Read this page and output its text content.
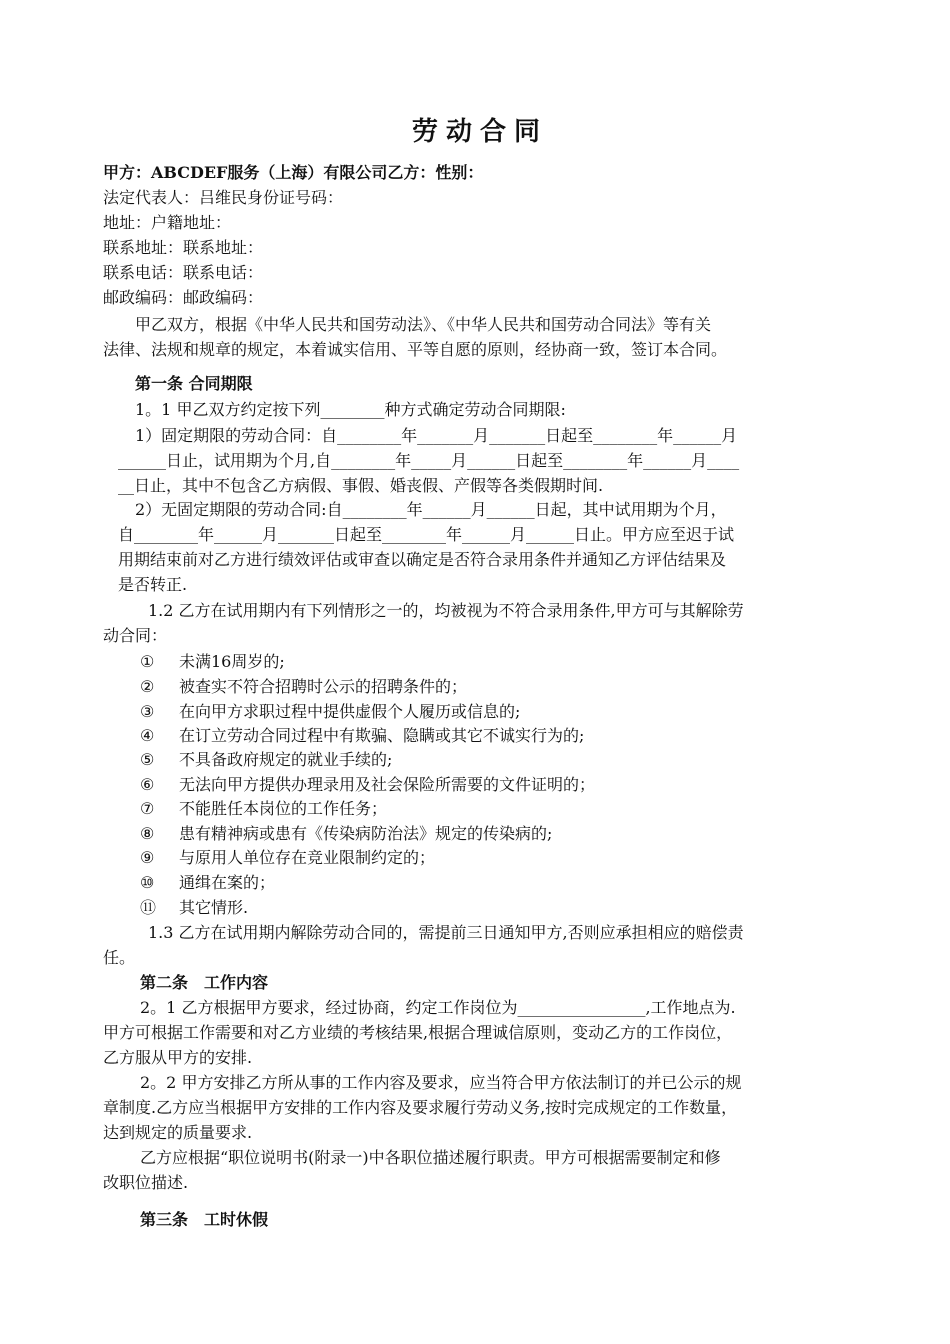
劳动合同
甲方：ABCDEF服务（上海）有限公司乙方：性别：
法定代表人：吕维民身份证号码：
地址：户籍地址：
联系地址：联系地址：
联系电话：联系电话：
邮政编码：邮政编码：
甲乙双方，根据《中华人民共和国劳动法》、《中华人民共和国劳动合同法》等有关
法律、法规和规章的规定，本着诚实信用、平等自愿的原则，经协商一致，签订本合同。
第一条 合同期限
1。1 甲乙双方约定按下列________种方式确定劳动合同期限:
1）固定期限的劳动合同：自________年_______月_______日起至________年______月
______日止，试用期为个月,自________年_____月______日起至________年______月____
__日止，其中不包含乙方病假、事假、婚丧假、产假等各类假期时间.
2）无固定期限的劳动合同:自________年______月______日起，其中试用期为个月，
自________年______月_______日起至________年______月______日止。甲方应至迟于试
用期结束前对乙方进行绩效评估或审查以确定是否符合录用条件并通知乙方评估结果及
是否转正.
1.2 乙方在试用期内有下列情形之一的，均被视为不符合录用条件,甲方可与其解除劳
动合同：
① 未满16周岁的;
② 被查实不符合招聘时公示的招聘条件的；
③ 在向甲方求职过程中提供虚假个人履历或信息的;
④ 在订立劳动合同过程中有欺骗、隐瞒或其它不诚实行为的;
⑤ 不具备政府规定的就业手续的;
⑥ 无法向甲方提供办理录用及社会保险所需要的文件证明的；
⑦ 不能胜任本岗位的工作任务；
⑧ 患有精神病或患有《传染病防治法》规定的传染病的;
⑨ 与原用人单位存在竞业限制约定的；
⑩ 通缉在案的；
⑪ 其它情形.
1.3 乙方在试用期内解除劳动合同的，需提前三日通知甲方,否则应承担相应的赔偿责
任。
第二条　工作内容
2。1 乙方根据甲方要求，经过协商，约定工作岗位为________________,工作地点为.
甲方可根据工作需要和对乙方业绩的考核结果,根据合理诚信原则，变动乙方的工作岗位，
乙方服从甲方的安排.
2。2 甲方安排乙方所从事的工作内容及要求，应当符合甲方依法制订的并已公示的规
章制度.乙方应当根据甲方安排的工作内容及要求履行劳动义务,按时完成规定的工作数量，
达到规定的质量要求.
乙方应根据“职位说明书(附录一)中各职位描述履行职责。甲方可根据需要制定和修
改职位描述.
第三条　工时休假
